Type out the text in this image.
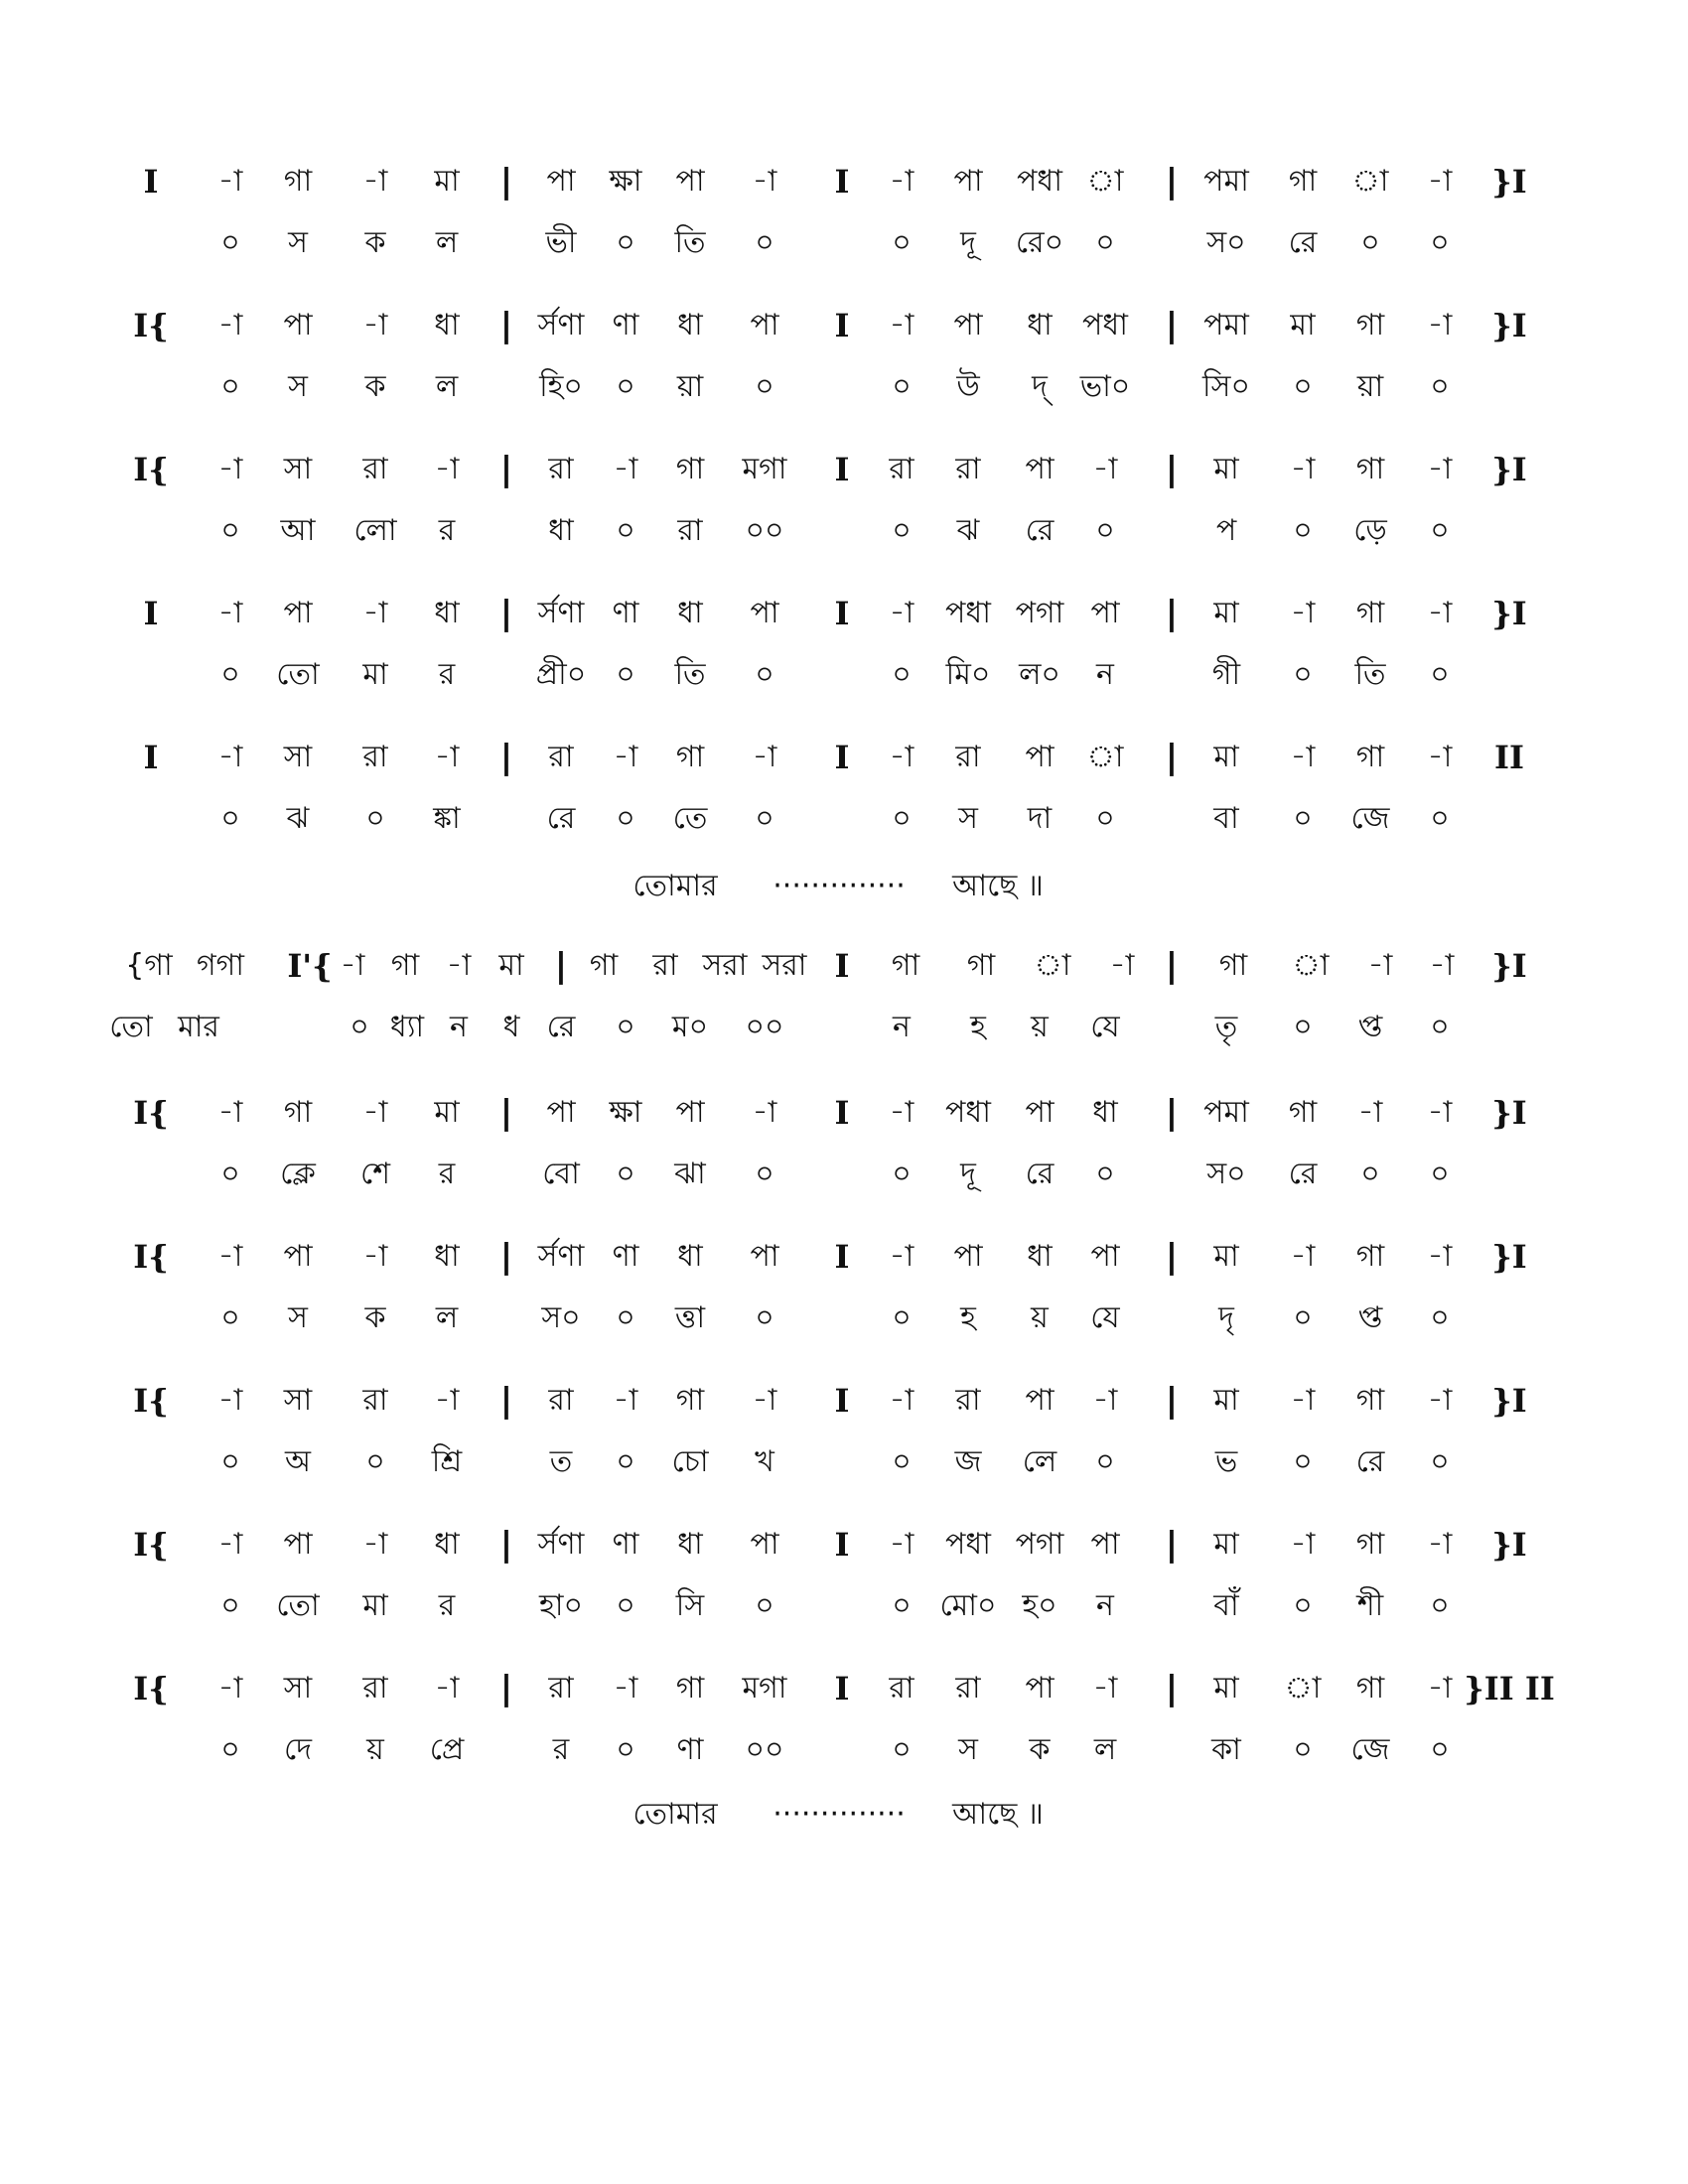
I -া গা -া মা | পা ক্ষা পা -া I -া পা পধা া | পমা গা া -া }I
০ স ক ল	ভী ০ তি ০	০ দূ রে০ ০	স০ রে ০ ০
I{ -া পা -া ধা | র্সণা ণা ধা পা I -া পা ধা পধা | পমা মা গা -া }I
০ স ক ল	হি০ ০ য়া ০	০ উ দ্ ভা০ সি০ ০ য়া ০
I{ -া সা রা -া | রা -া গা মগা I রা রা পা -া | মা -া গা -া }I
০ আ লো র	ধা ০ রা ০০	০ ঝ রে ০	প ০ ড়ে ০
I -া পা -া ধা | র্সণা ণা ধা পা I -া পধা পগা পা | মা -া গা -া }I
০ তো মা র	প্রী০ ০ তি ০	০ মি০ ল০ ন	গী ০ তি ০
I -া সা রা -া | রা -া গা -া I -া রা পা া | মা -া গা -া II
০ ঝ ০ ঙ্কা	রে ০ তে ০	০ স দা ০	বা ০ জে ০
তোমার ·············· আছে ॥
{গা গগা I'{ -া গা -া মা | গা রা সরা সরা I গা গা া -া | গা া -া -া }I
তো মার	০ ধ্যা ন ধ রে ০ ম০ ০০	ন হ য় যে	তৃ ০ প্ত ০
I{ -া গা -া মা | পা ক্ষা পা -া I -া পধা পা ধা | পমা গা -া -া }I
০ ক্লে শে র	বো ০ ঝা ০	০ দূ রে ০	স০ রে ০ ০
I{ -া পা -া ধা | র্সণা ণা ধা পা I -া পা ধা পা | মা -া গা -া }I
০ স ক ল	স০ ০ ত্তা ০	০ হ য় যে	দৃ ০ প্ত ০
I{ -া সা রা -া | রা -া গা -া I -া রা পা -া | মা -া গা -া }I
০ অ ০ শ্রি	ত ০ চো খ	০ জ লে ০	ভ ০ রে ০
I{ -া পা -া ধা | র্সণা ণা ধা পা I -া পধা পগা পা | মা -া গা -া }I
০ তো মা র	হা০ ০ সি ০	০ মো০ হ০ ন	বাঁ ০ শী ০
I{ -া সা রা -া | রা -া গা মগা I রা রা পা -া | মা া গা -া }II II
০ দে য় প্রে	র ০ ণা ০০	০ স ক ল	কা ০ জে ০
তোমার ·············· আছে ॥
